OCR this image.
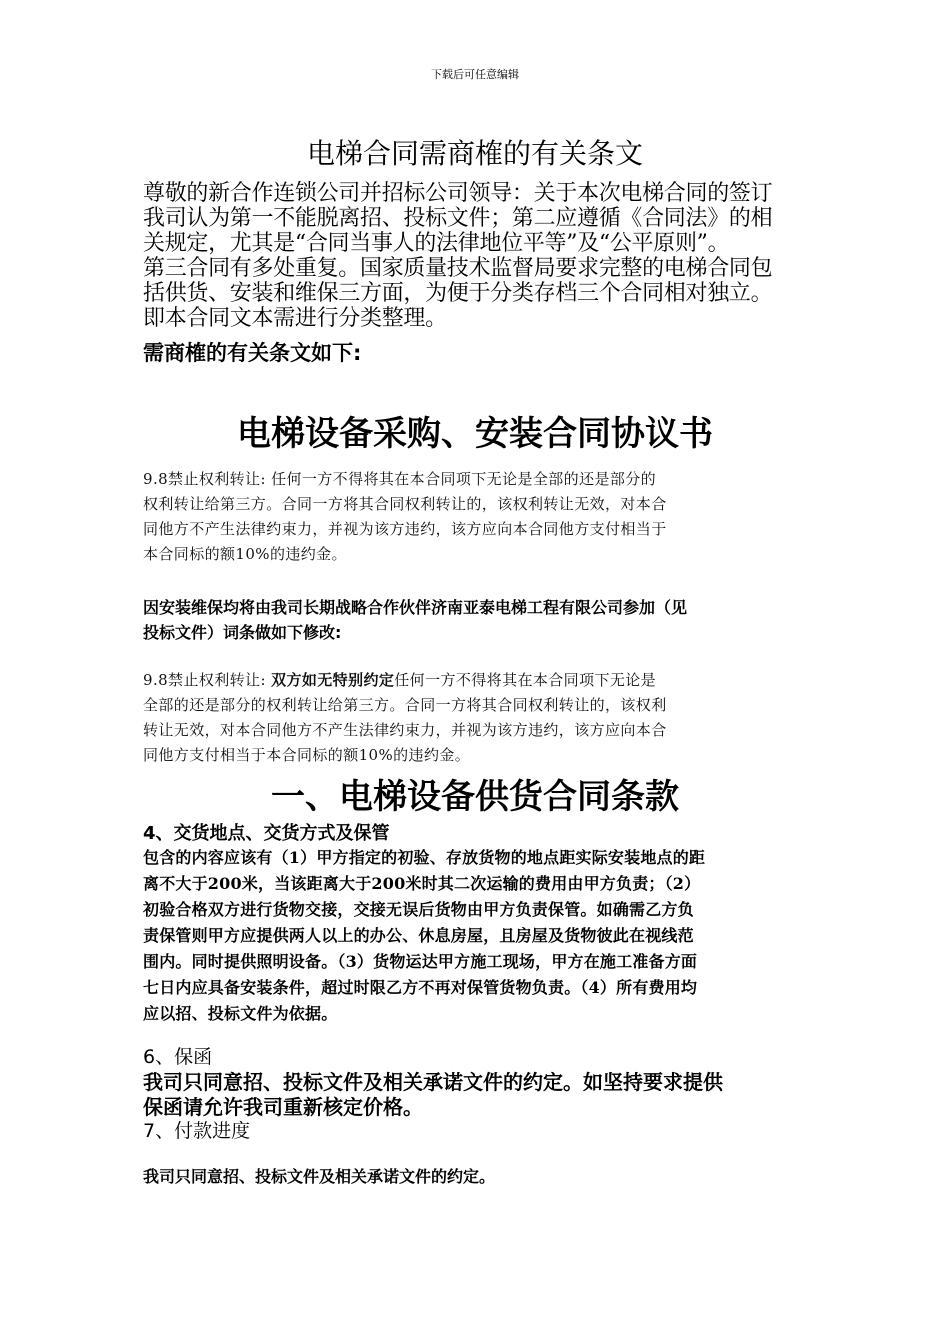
下载后可任意编辑
电梯合同需商榷的有关条文
尊敬的新合作连锁公司并招标公司领导：关于本次电梯合同的签订
我司认为第一不能脱离招、投标文件；第二应遵循《合同法》的相
关规定，尤其是“合同当事人的法律地位平等”及“公平原则”。
第三合同有多处重复。国家质量技术监督局要求完整的电梯合同包
括供货、安装和维保三方面，为便于分类存档三个合同相对独立。
即本合同文本需进行分类整理。
需商榷的有关条文如下:
电梯设备采购、安装合同协议书
9.8禁止权利转让: 任何一方不得将其在本合同项下无论是全部的还是部分的
权利转让给第三方。合同一方将其合同权利转让的，该权利转让无效，对本合
同他方不产生法律约束力，并视为该方违约，该方应向本合同他方支付相当于
本合同标的额10%的违约金。
因安装维保均将由我司长期战略合作伙伴济南亚泰电梯工程有限公司参加（见
投标文件）词条做如下修改:
9.8禁止权利转让: 双方如无特别约定任何一方不得将其在本合同项下无论是
全部的还是部分的权利转让给第三方。合同一方将其合同权利转让的，该权利
转让无效，对本合同他方不产生法律约束力，并视为该方违约，该方应向本合
同他方支付相当于本合同标的额10%的违约金。
一、电梯设备供货合同条款
4、交货地点、交货方式及保管
包含的内容应该有（1）甲方指定的初验、存放货物的地点距实际安装地点的距
离不大于200米，当该距离大于200米时其二次运输的费用由甲方负责；（2）
初验合格双方进行货物交接，交接无误后货物由甲方负责保管。如确需乙方负
责保管则甲方应提供两人以上的办公、休息房屋，且房屋及货物彼此在视线范
围内。同时提供照明设备。（3）货物运达甲方施工现场，甲方在施工准备方面
七日内应具备安装条件，超过时限乙方不再对保管货物负责。（4）所有费用均
应以招、投标文件为依据。
6、保函
我司只同意招、投标文件及相关承诺文件的约定。如坚持要求提供
保函请允许我司重新核定价格。
7、付款进度
我司只同意招、投标文件及相关承诺文件的约定。
